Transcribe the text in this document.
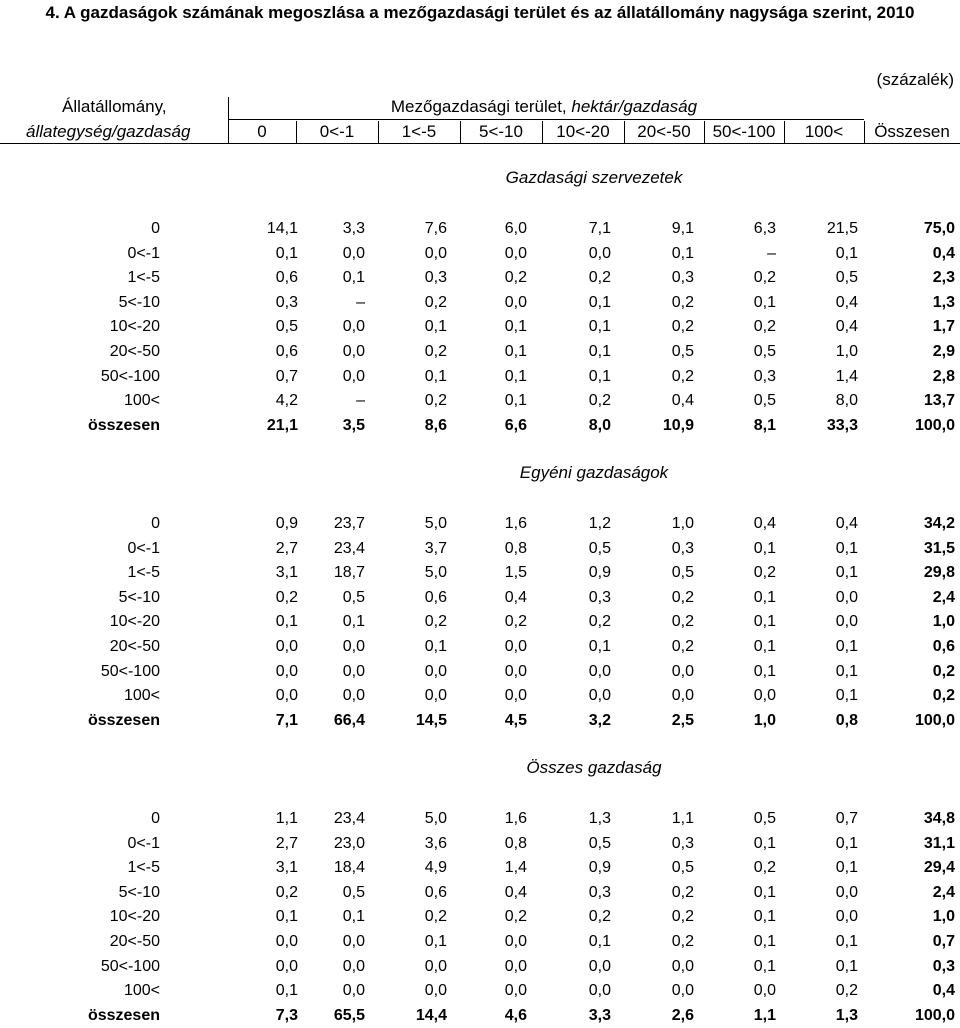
4. A gazdaságok számának megoszlása a mezőgazdasági terület és az állatállomány nagysága szerint, 2010
(százalék)
Állatállomány,
állategység/gazdaság
Mezőgazdasági terület, hektár/gazdaság
0	0<-1	1<-5	5<-10	10<-20	20<-50	50<-100	100<	Összesen
Gazdasági szervezetek
0	14,1	3,3	7,6	6,0	7,1	9,1	6,3	21,5	75,0
0<-1	0,1	0,0	0,0	0,0	0,0	0,1	–	0,1	0,4
1<-5	0,6	0,1	0,3	0,2	0,2	0,3	0,2	0,5	2,3
5<-10	0,3	–	0,2	0,0	0,1	0,2	0,1	0,4	1,3
10<-20	0,5	0,0	0,1	0,1	0,1	0,2	0,2	0,4	1,7
20<-50	0,6	0,0	0,2	0,1	0,1	0,5	0,5	1,0	2,9
50<-100	0,7	0,0	0,1	0,1	0,1	0,2	0,3	1,4	2,8
100<	4,2	–	0,2	0,1	0,2	0,4	0,5	8,0	13,7
összesen	21,1	3,5	8,6	6,6	8,0	10,9	8,1	33,3	100,0
Egyéni gazdaságok
0	0,9	23,7	5,0	1,6	1,2	1,0	0,4	0,4	34,2
0<-1	2,7	23,4	3,7	0,8	0,5	0,3	0,1	0,1	31,5
1<-5	3,1	18,7	5,0	1,5	0,9	0,5	0,2	0,1	29,8
5<-10	0,2	0,5	0,6	0,4	0,3	0,2	0,1	0,0	2,4
10<-20	0,1	0,1	0,2	0,2	0,2	0,2	0,1	0,0	1,0
20<-50	0,0	0,0	0,1	0,0	0,1	0,2	0,1	0,1	0,6
50<-100	0,0	0,0	0,0	0,0	0,0	0,0	0,1	0,1	0,2
100<	0,0	0,0	0,0	0,0	0,0	0,0	0,0	0,1	0,2
összesen	7,1	66,4	14,5	4,5	3,2	2,5	1,0	0,8	100,0
Összes gazdaság
0	1,1	23,4	5,0	1,6	1,3	1,1	0,5	0,7	34,8
0<-1	2,7	23,0	3,6	0,8	0,5	0,3	0,1	0,1	31,1
1<-5	3,1	18,4	4,9	1,4	0,9	0,5	0,2	0,1	29,4
5<-10	0,2	0,5	0,6	0,4	0,3	0,2	0,1	0,0	2,4
10<-20	0,1	0,1	0,2	0,2	0,2	0,2	0,1	0,0	1,0
20<-50	0,0	0,0	0,1	0,0	0,1	0,2	0,1	0,1	0,7
50<-100	0,0	0,0	0,0	0,0	0,0	0,0	0,1	0,1	0,3
100<	0,1	0,0	0,0	0,0	0,0	0,0	0,0	0,2	0,4
összesen	7,3	65,5	14,4	4,6	3,3	2,6	1,1	1,3	100,0
